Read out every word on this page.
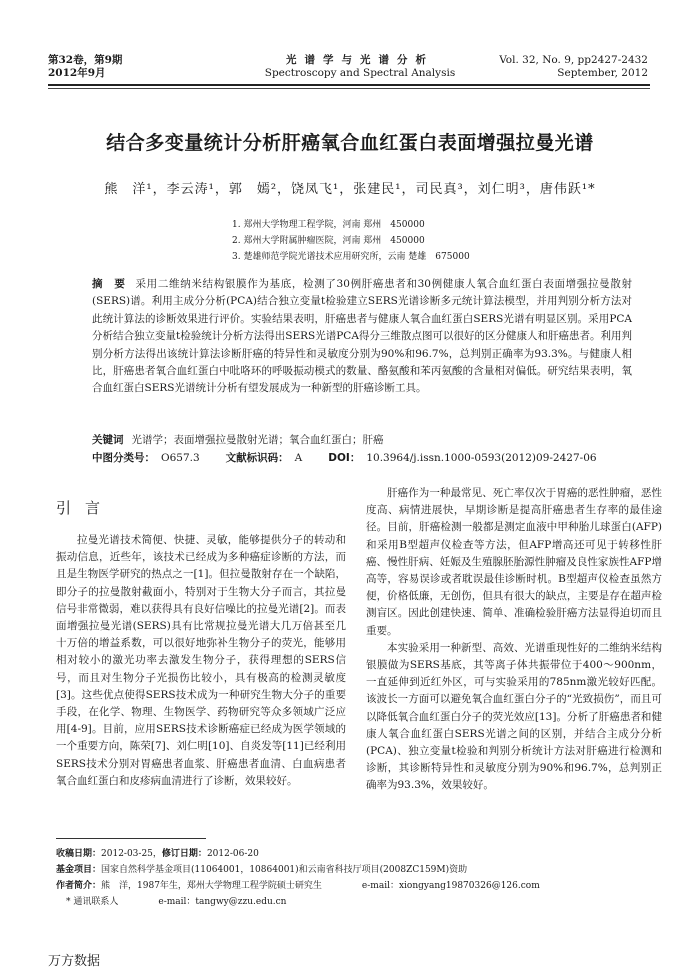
第32卷，第9期
2012年9月
光谱学与光谱分析
Spectroscopy and Spectral Analysis
Vol. 32, No. 9, pp2427-2432
September, 2012
结合多变量统计分析肝癌氧合血红蛋白表面增强拉曼光谱
熊　洋¹，李云涛¹，郭　嫣²，饶凤飞¹，张建民¹，司民真³，刘仁明³，唐伟跃¹*
1. 郑州大学物理工程学院，河南 郑州　450000
2. 郑州大学附属肿瘤医院，河南 郑州　450000
3. 楚雄师范学院光谱技术应用研究所，云南 楚雄　675000
摘　要 采用二维纳米结构银膜作为基底，检测了30例肝癌患者和30例健康人氧合血红蛋白表面增强拉曼散射(SERS)谱。利用主成分分析(PCA)结合独立变量t检验建立SERS光谱诊断多元统计算法模型，并用判别分析方法对此统计算法的诊断效果进行评价。实验结果表明，肝癌患者与健康人氧合血红蛋白SERS光谱有明显区别。采用PCA分析结合独立变量t检验统计分析方法得出SERS光谱PCA得分三维散点图可以很好的区分健康人和肝癌患者。利用判别分析方法得出该统计算法诊断肝癌的特异性和灵敏度分别为90%和96.7%，总判别正确率为93.3%。与健康人相比，肝癌患者氧合血红蛋白中吡咯环的呼吸振动模式的数量、酪氨酸和苯丙氨酸的含量相对偏低。研究结果表明，氧合血红蛋白SERS光谱统计分析有望发展成为一种新型的肝癌诊断工具。
关键词 光谱学；表面增强拉曼散射光谱；氧合血红蛋白；肝癌
中图分类号： O657.3 文献标识码： A DOI： 10.3964/j.issn.1000-0593(2012)09-2427-06
引言

拉曼光谱技术简便、快捷、灵敏，能够提供分子的转动和振动信息，近些年，该技术已经成为多种癌症诊断的方法，而且是生物医学研究的热点之一[1]。但拉曼散射存在一个缺陷，即分子的拉曼散射截面小，特别对于生物大分子而言，其拉曼信号非常微弱，难以获得具有良好信噪比的拉曼光谱[2]。而表面增强拉曼光谱(SERS)具有比常规拉曼光谱大几万倍甚至几十万倍的增益系数，可以很好地弥补生物分子的荧光，能够用相对较小的激光功率去激发生物分子，获得理想的SERS信号，而且对生物分子光损伤比较小，具有极高的检测灵敏度[3]。这些优点使得SERS技术成为一种研究生物大分子的重要手段，在化学、物理、生物医学、药物研究等众多领域广泛应用[4-9]。目前，应用SERS技术诊断癌症已经成为医学领域的一个重要方向，陈荣[7]、刘仁明[10]、自炎发等[11]已经利用SERS技术分别对胃癌患者血浆、肝癌患者血清、白血病患者氧合血红蛋白和皮疹病血清进行了诊断，效果较好。

肝癌作为一种最常见、死亡率仅次于胃癌的恶性肿瘤，恶性度高、病情进展快，早期诊断是提高肝癌患者生存率的最佳途径。目前，肝癌检测一般都是测定血液中甲种胎儿球蛋白(AFP)和采用B型超声仪检查等方法，但AFP增高还可见于转移性肝癌、慢性肝病、妊娠及生殖腺胚胎源性肿瘤及良性家族性AFP增高等，容易误诊或者耽误最佳诊断时机。B型超声仪检查虽然方便，价格低廉，无创伤，但具有很大的缺点，主要是存在超声检测盲区。因此创建快速、简单、准确检验肝癌方法显得迫切而且重要。

本实验采用一种新型、高效、光谱重现性好的二维纳米结构银膜做为SERS基底，其等离子体共振带位于400～900nm，一直延伸到近红外区，可与实验采用的785nm激光较好匹配。该波长一方面可以避免氧合血红蛋白分子的“光致损伤”，而且可以降低氧合血红蛋白分子的荧光效应[13]。分析了肝癌患者和健康人氧合血红蛋白SERS光谱之间的区别，并结合主成分分析(PCA)、独立变量t检验和判别分析统计方法对肝癌进行检测和诊断，其诊断特异性和灵敏度分别为90%和96.7%，总判别正确率为93.3%，效果较好。

收稿日期：2012-03-25，修订日期：2012-06-20
基金项目：国家自然科学基金项目(11064001，10864001)和云南省科技厅项目(2008ZC159M)资助
作者简介：熊　洋，1987年生，郑州大学物理工程学院硕士研究生	e-mail：xiongyang19870326@126.com
* 通讯联系人	e-mail：tangwy@zzu.edu.cn
万方数据
